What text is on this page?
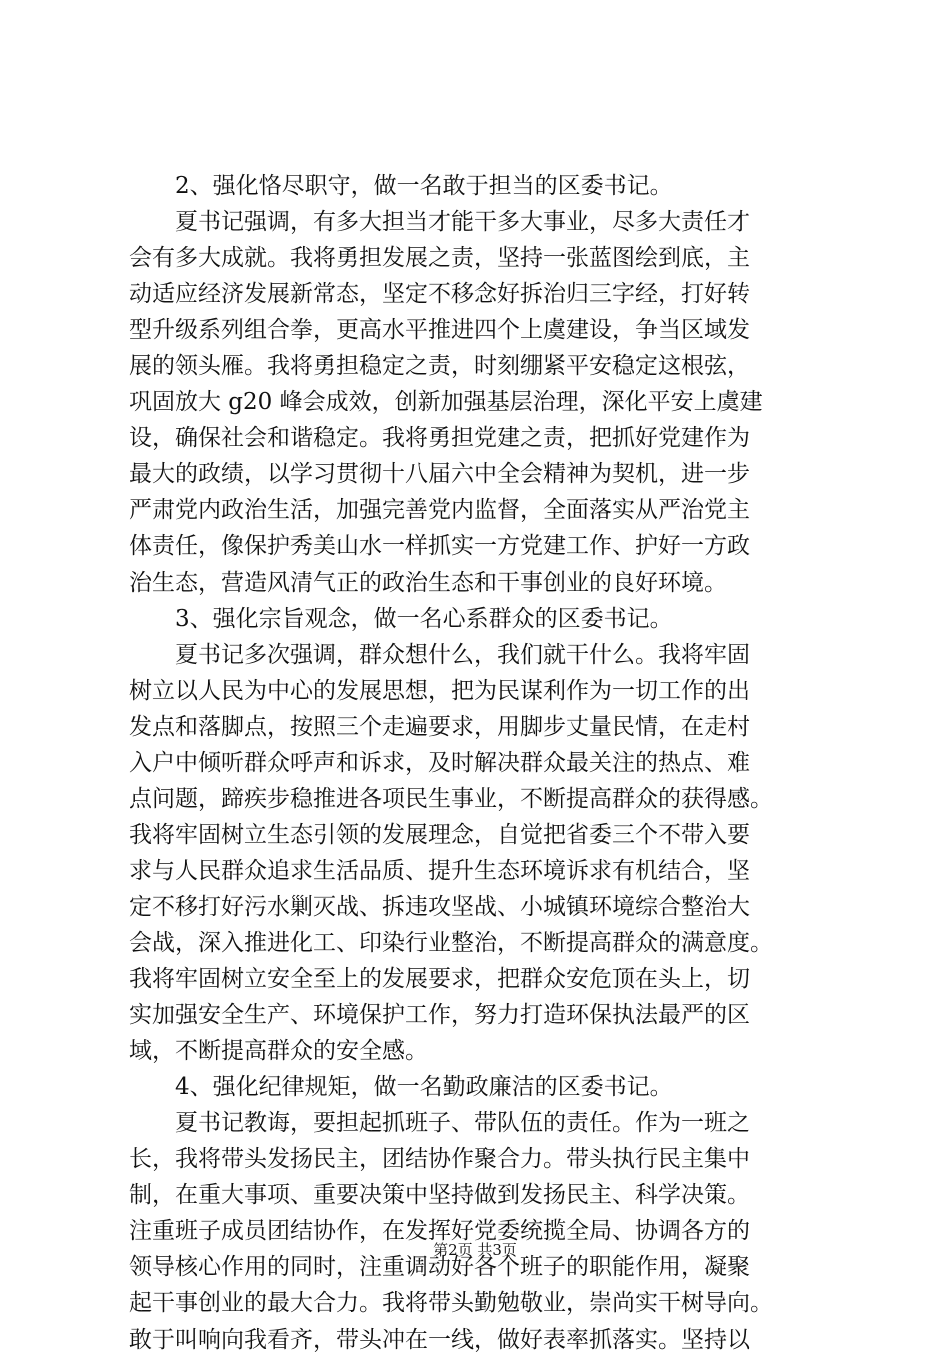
2、强化恪尽职守，做一名敢于担当的区委书记。
夏书记强调，有多大担当才能干多大事业，尽多大责任才
会有多大成就。我将勇担发展之责，坚持一张蓝图绘到底，主
动适应经济发展新常态，坚定不移念好拆治归三字经，打好转
型升级系列组合拳，更高水平推进四个上虞建设，争当区域发
展的领头雁。我将勇担稳定之责，时刻绷紧平安稳定这根弦，
巩固放大 g20 峰会成效，创新加强基层治理，深化平安上虞建
设，确保社会和谐稳定。我将勇担党建之责，把抓好党建作为
最大的政绩，以学习贯彻十八届六中全会精神为契机，进一步
严肃党内政治生活，加强完善党内监督，全面落实从严治党主
体责任，像保护秀美山水一样抓实一方党建工作、护好一方政
治生态，营造风清气正的政治生态和干事创业的良好环境。
3、强化宗旨观念，做一名心系群众的区委书记。
夏书记多次强调，群众想什么，我们就干什么。我将牢固
树立以人民为中心的发展思想，把为民谋利作为一切工作的出
发点和落脚点，按照三个走遍要求，用脚步丈量民情，在走村
入户中倾听群众呼声和诉求，及时解决群众最关注的热点、难
点问题，蹄疾步稳推进各项民生事业，不断提高群众的获得感。
我将牢固树立生态引领的发展理念，自觉把省委三个不带入要
求与人民群众追求生活品质、提升生态环境诉求有机结合，坚
定不移打好污水剿灭战、拆违攻坚战、小城镇环境综合整治大
会战，深入推进化工、印染行业整治，不断提高群众的满意度。
我将牢固树立安全至上的发展要求，把群众安危顶在头上，切
实加强安全生产、环境保护工作，努力打造环保执法最严的区
域，不断提高群众的安全感。
4、强化纪律规矩，做一名勤政廉洁的区委书记。
夏书记教诲，要担起抓班子、带队伍的责任。作为一班之
长，我将带头发扬民主，团结协作聚合力。带头执行民主集中
制，在重大事项、重要决策中坚持做到发扬民主、科学决策。
注重班子成员团结协作，在发挥好党委统揽全局、协调各方的
领导核心作用的同时，注重调动好各个班子的职能作用，凝聚
起干事创业的最大合力。我将带头勤勉敬业，崇尚实干树导向。
敢于叫响向我看齐，带头冲在一线，做好表率抓落实。坚持以
第2页 共3页
